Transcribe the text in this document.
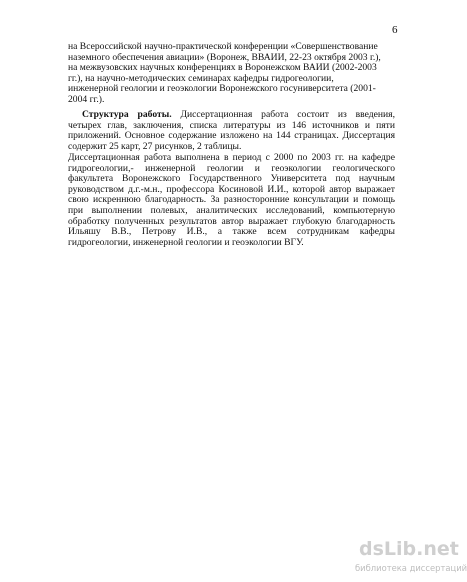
6
на Всероссийской научно-практической конференции «Совершенствование
наземного обеспечения авиации» (Воронеж, ВВАИИ, 22-23 октября 2003 г.),
на межвузовских научных конференциях в Воронежском ВАИИ (2002-2003
гг.), на научно-методических семинарах кафедры гидрогеологии,
инженерной геологии и геоэкологии Воронежского госуниверситета (2001-
2004 гг.).
Структура работы. Диссертационная работа состоит из введения,
четырех глав, заключения, списка литературы из 146 источников и пяти
приложений. Основное содержание изложено на 144 страницах. Диссертация
содержит 25 карт, 27 рисунков, 2 таблицы.
Диссертационная работа выполнена в период с 2000 по 2003 гг. на кафедре
гидрогеологии,- инженерной геологии и геоэкологии геологического
факультета Воронежского Государственного Университета под научным
руководством д.г.-м.н., профессора Косиновой И.И., которой автор выражает
свою искреннюю благодарность. За разносторонние консультации и помощь
при выполнении полевых, аналитических исследований, компьютерную
обработку полученных результатов автор выражает глубокую благодарность
Ильяшу В.В., Петрову И.В., а также всем сотрудникам кафедры
гидрогеологии, инженерной геологии и геоэкологии ВГУ.
dsLib.net
библиотека диссертаций
